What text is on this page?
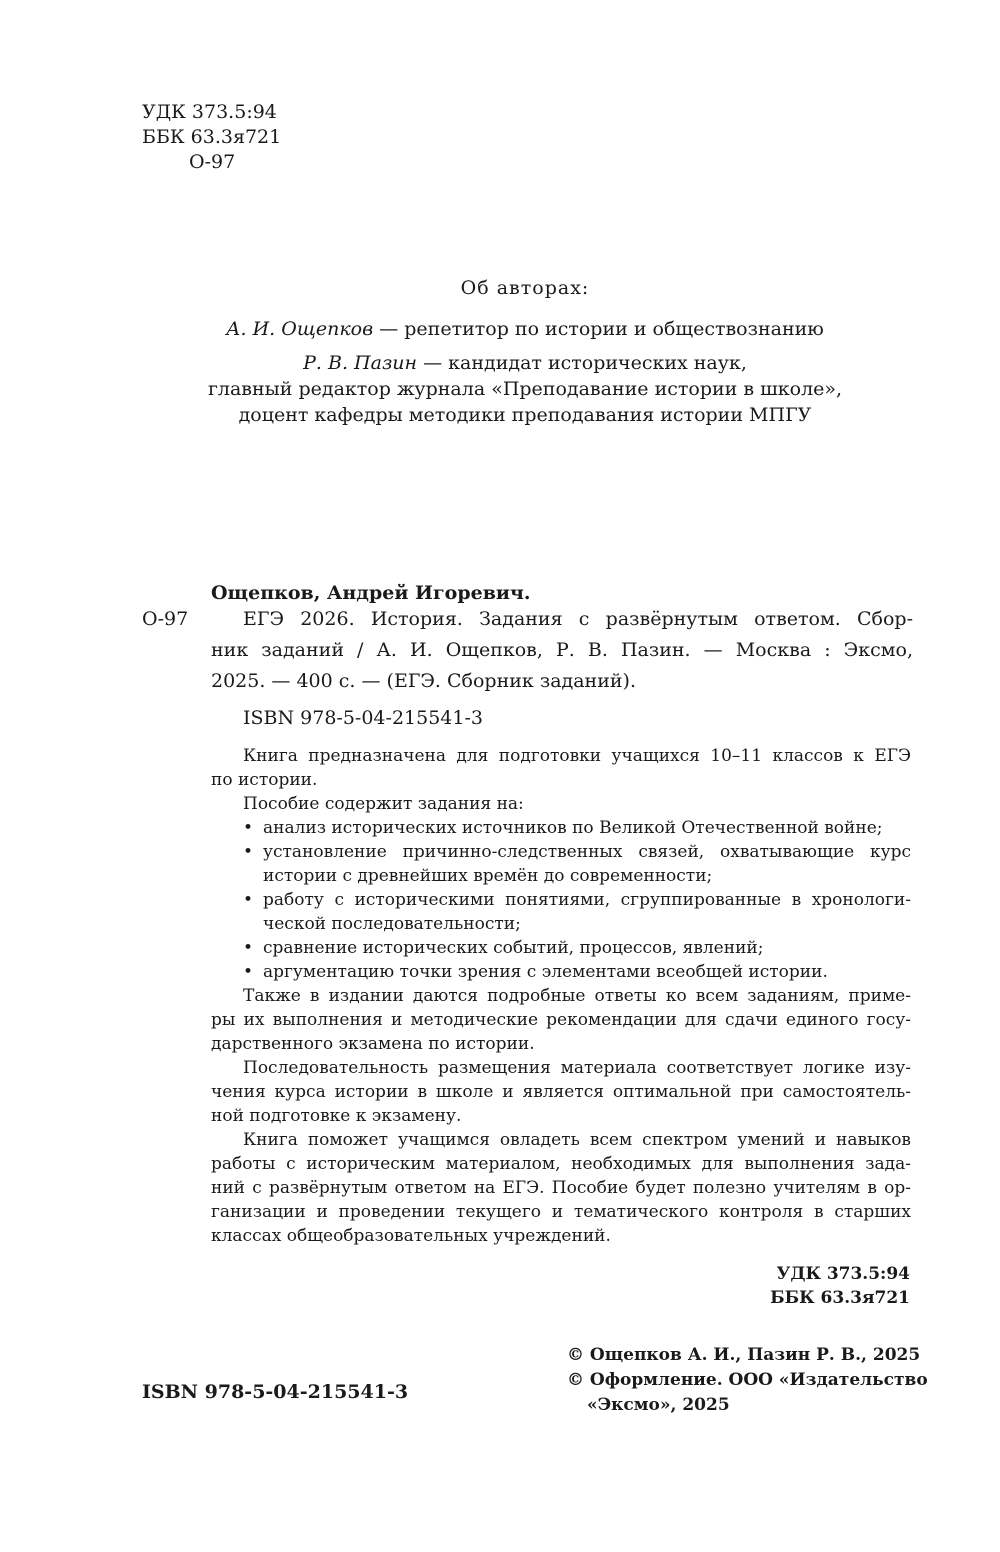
УДК 373.5:94
ББК 63.3я721
О-97
Об авторах:
А. И. Ощепков — репетитор по истории и обществознанию
Р. В. Пазин — кандидат исторических наук,
главный редактор журнала «Преподавание истории в школе»,
доцент кафедры методики преподавания истории МПГУ
Ощепков, Андрей Игоревич.
О-97	ЕГЭ 2026. История. Задания с развёрнутым ответом. Сбор-
ник заданий / А. И. Ощепков, Р. В. Пазин. — Москва : Эксмо,
2025. — 400 с. — (ЕГЭ. Сборник заданий).
ISBN 978-5-04-215541-3
Книга предназначена для подготовки учащихся 10–11 классов к ЕГЭ
по истории.
Пособие содержит задания на:
• анализ исторических источников по Великой Отечественной войне;
• установление причинно-следственных связей, охватывающие курс
истории с древнейших времён до современности;
• работу с историческими понятиями, сгруппированные в хронологи-
ческой последовательности;
• сравнение исторических событий, процессов, явлений;
• аргументацию точки зрения с элементами всеобщей истории.
Также в издании даются подробные ответы ко всем заданиям, приме-
ры их выполнения и методические рекомендации для сдачи единого госу-
дарственного экзамена по истории.
Последовательность размещения материала соответствует логике изу-
чения курса истории в школе и является оптимальной при самостоятель-
ной подготовке к экзамену.
Книга поможет учащимся овладеть всем спектром умений и навыков
работы с историческим материалом, необходимых для выполнения зада-
ний с развёрнутым ответом на ЕГЭ. Пособие будет полезно учителям в ор-
ганизации и проведении текущего и тематического контроля в старших
классах общеобразовательных учреждений.
УДК 373.5:94
ББК 63.3я721
© Ощепков А. И., Пазин Р. В., 2025
© Оформление. ООО «Издательство
«Эксмо», 2025
ISBN 978-5-04-215541-3
